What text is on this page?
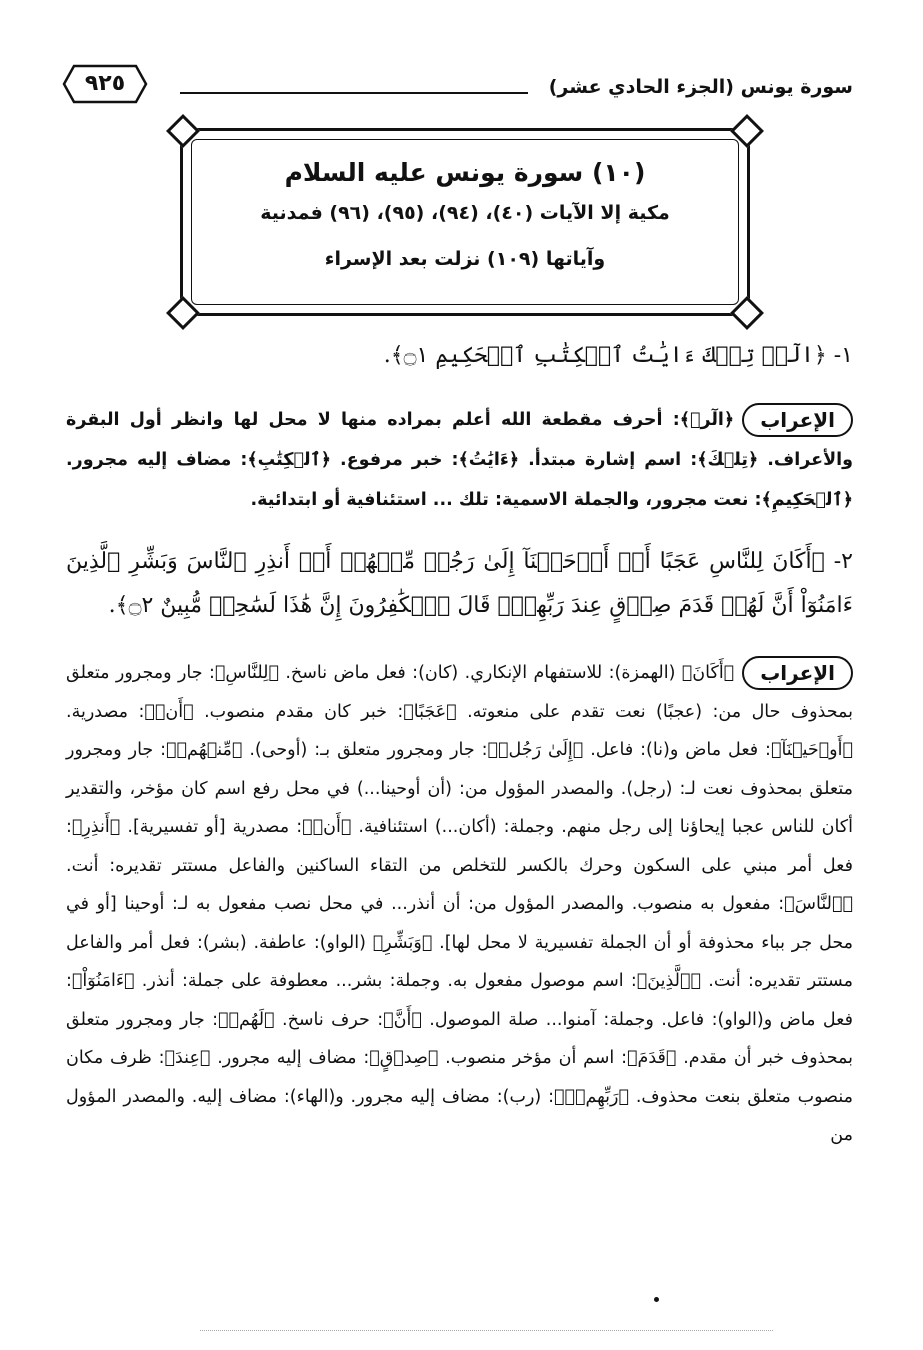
سورة يونس (الجزء الحادي عشر)
٩٢٥
(١٠) سورة يونس عليه السلام
مكية إلا الآيات (٤٠)، (٩٤)، (٩٥)، (٩٦) فمدنية
وآياتها (١٠٩) نزلت بعد الإسراء
١- ﴿الٓرۚ تِلۡكَ ءَايَٰتُ ٱلۡكِتَٰبِ ٱلۡحَكِيمِ ۝١﴾.
الإعراب﴿الٓرۚ﴾: أحرف مقطعة الله أعلم بمراده منها لا محل لها وانظر أول البقرة والأعراف. ﴿تِلۡكَ﴾: اسم إشارة مبتدأ. ﴿ءَايَٰتُ﴾: خبر مرفوع. ﴿ٱلۡكِتَٰبِ﴾: مضاف إليه مجرور. ﴿ٱلۡحَكِيمِ﴾: نعت مجرور، والجملة الاسمية: تلك ... استئنافية أو ابتدائية.
٢- ﴿أَكَانَ لِلنَّاسِ عَجَبًا أَنۡ أَوۡحَيۡنَآ إِلَىٰ رَجُلٖ مِّنۡهُمۡ أَنۡ أَنذِرِ ٱلنَّاسَ وَبَشِّرِ ٱلَّذِينَ ءَامَنُوٓاْ أَنَّ لَهُمۡ قَدَمَ صِدۡقٍ عِندَ رَبِّهِمۡۗ قَالَ ٱلۡكَٰفِرُونَ إِنَّ هَٰذَا لَسَٰحِرٞ مُّبِينٌ ۝٢﴾.
الإعراب﴿أَكَانَ﴾ (الهمزة): للاستفهام الإنكاري. (كان): فعل ماض ناسخ. ﴿لِلنَّاسِ﴾: جار ومجرور متعلق بمحذوف حال من: (عجبًا) نعت تقدم على منعوته. ﴿عَجَبًا﴾: خبر كان مقدم منصوب. ﴿أَنۡ﴾: مصدرية. ﴿أَوۡحَيۡنَآ﴾: فعل ماض و(نا): فاعل. ﴿إِلَىٰ رَجُلٖ﴾: جار ومجرور متعلق بـ: (أوحى). ﴿مِّنۡهُمۡ﴾: جار ومجرور متعلق بمحذوف نعت لـ: (رجل). والمصدر المؤول من: (أن أوحينا...) في محل رفع اسم كان مؤخر، والتقدير أكان للناس عجبا إيحاؤنا إلى رجل منهم. وجملة: (أكان...) استئنافية. ﴿أَنۡ﴾: مصدرية [أو تفسيرية]. ﴿أَنذِرِ﴾: فعل أمر مبني على السكون وحرك بالكسر للتخلص من التقاء الساكنين والفاعل مستتر تقديره: أنت. ﴿ٱلنَّاسَ﴾: مفعول به منصوب. والمصدر المؤول من: أن أنذر... في محل نصب مفعول به لـ: أوحينا [أو في محل جر بباء محذوفة أو أن الجملة تفسيرية لا محل لها]. ﴿وَبَشِّرِ﴾ (الواو): عاطفة. (بشر): فعل أمر والفاعل مستتر تقديره: أنت. ﴿ٱلَّذِينَ﴾: اسم موصول مفعول به. وجملة: بشر... معطوفة على جملة: أنذر. ﴿ءَامَنُوٓاْ﴾: فعل ماض و(الواو): فاعل. وجملة: آمنوا... صلة الموصول. ﴿أَنَّ﴾: حرف ناسخ. ﴿لَهُمۡ﴾: جار ومجرور متعلق بمحذوف خبر أن مقدم. ﴿قَدَمَ﴾: اسم أن مؤخر منصوب. ﴿صِدۡقٍ﴾: مضاف إليه مجرور. ﴿عِندَ﴾: ظرف مكان منصوب متعلق بنعت محذوف. ﴿رَبِّهِمۡۗ﴾: (رب): مضاف إليه مجرور. و(الهاء): مضاف إليه. والمصدر المؤول من
